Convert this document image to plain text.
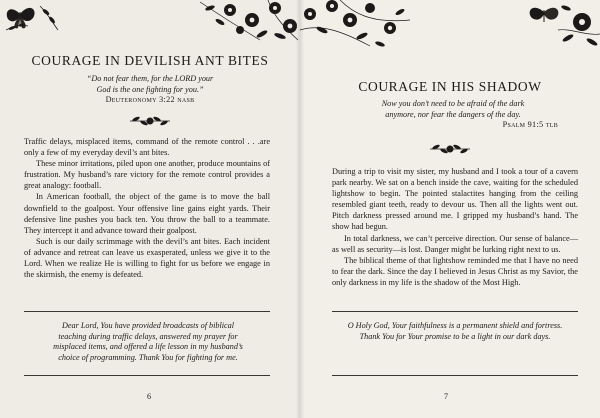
COURAGE IN DEVILISH ANT BITES
“Do not fear them, for the LORD your
God is the one fighting for you.”
Deuteronomy 3:22 nasb

Traffic delays, misplaced items, command of the remote control . . .are only a few of my everyday devil’s ant bites.

These minor irritations, piled upon one another, produce mountains of frustration. My husband’s rare victory for the remote control provides a great analogy: football.

In American football, the object of the game is to move the ball downfield to the goalpost. Your offensive line gains eight yards. Their defensive line pushes you back ten. You throw the ball to a teammate. They intercept it and advance toward their goalpost.

Such is our daily scrimmage with the devil’s ant bites. Each incident of advance and retreat can leave us exasperated, unless we give it to the Lord. When we realize He is willing to fight for us before we engage in the skirmish, the enemy is defeated.

Dear Lord, You have provided broadcasts of biblical teaching during traffic delays, answered my prayer for misplaced items, and offered a life lesson in my husband’s choice of programming. Thank You for fighting for me.
6
COURAGE IN HIS SHADOW
Now you don’t need to be afraid of the dark
anymore, nor fear the dangers of the day.
Psalm 91:5 tlb

During a trip to visit my sister, my husband and I took a tour of a cavern park nearby. We sat on a bench inside the cave, waiting for the scheduled lightshow to begin. The pointed stalactites hanging from the ceiling resembled giant teeth, ready to devour us. Then all the lights went out. Pitch darkness pressed around me. I gripped my husband’s hand. The show had begun.

In total darkness, we can’t perceive direction. Our sense of balance—as well as security—is lost. Danger might be lurking right next to us.

The biblical theme of that lightshow reminded me that I have no need to fear the dark. Since the day I believed in Jesus Christ as my Savior, the only darkness in my life is the shadow of the Most High.

O Holy God, Your faithfulness is a permanent shield and fortress. Thank You for Your promise to be a light in our dark days.
7
